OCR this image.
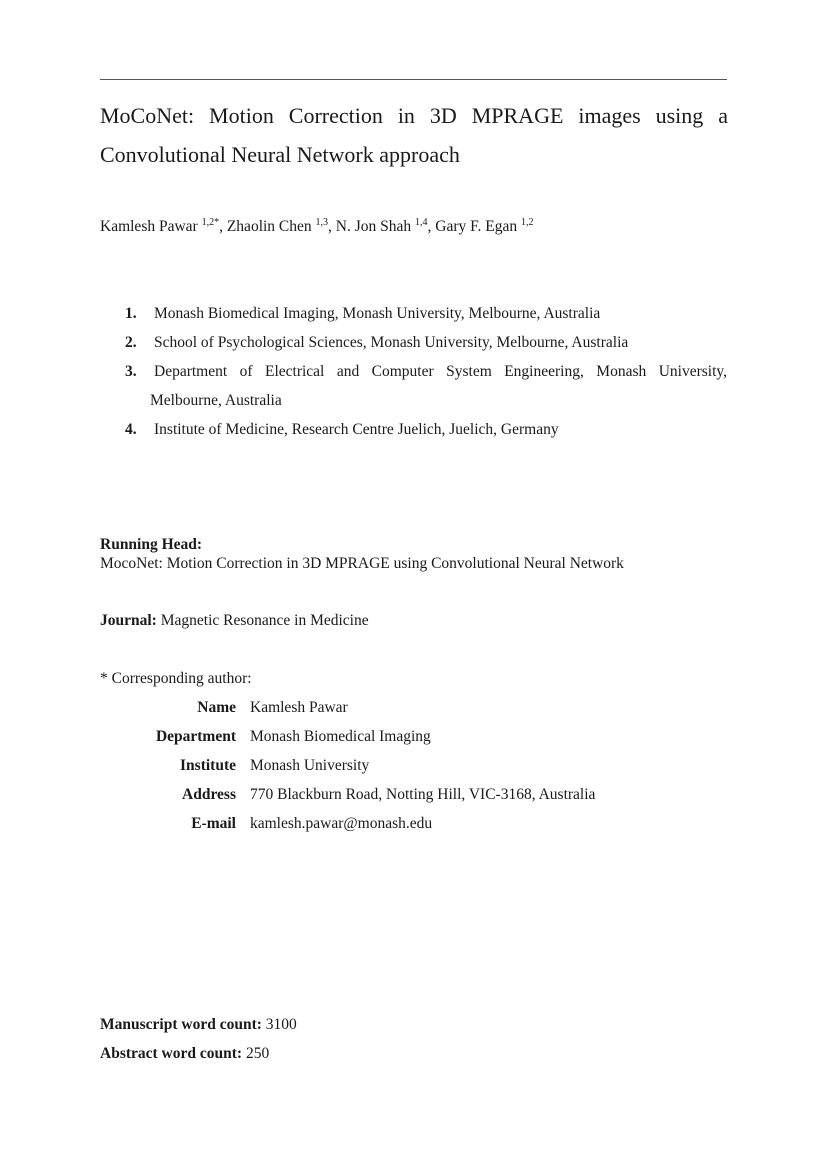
MoCoNet: Motion Correction in 3D MPRAGE images using a
Convolutional Neural Network approach
Kamlesh Pawar $^{1,2*}$, Zhaolin Chen $^{1,3}$, N. Jon Shah $^{1,4}$, Gary F. Egan $^{1,2}$
1. Monash Biomedical Imaging, Monash University, Melbourne, Australia
2. School of Psychological Sciences, Monash University, Melbourne, Australia
3. Department of Electrical and Computer System Engineering, Monash University,
Melbourne, Australia
4. Institute of Medicine, Research Centre Juelich, Juelich, Germany
Running Head:
MocoNet: Motion Correction in 3D MPRAGE using Convolutional Neural Network
Journal: Magnetic Resonance in Medicine
* Corresponding author:
Name Kamlesh Pawar
Department Monash Biomedical Imaging
Institute Monash University
Address 770 Blackburn Road, Notting Hill, VIC-3168, Australia
E-mail kamlesh.pawar@monash.edu
Manuscript word count: 3100
Abstract word count: 250
